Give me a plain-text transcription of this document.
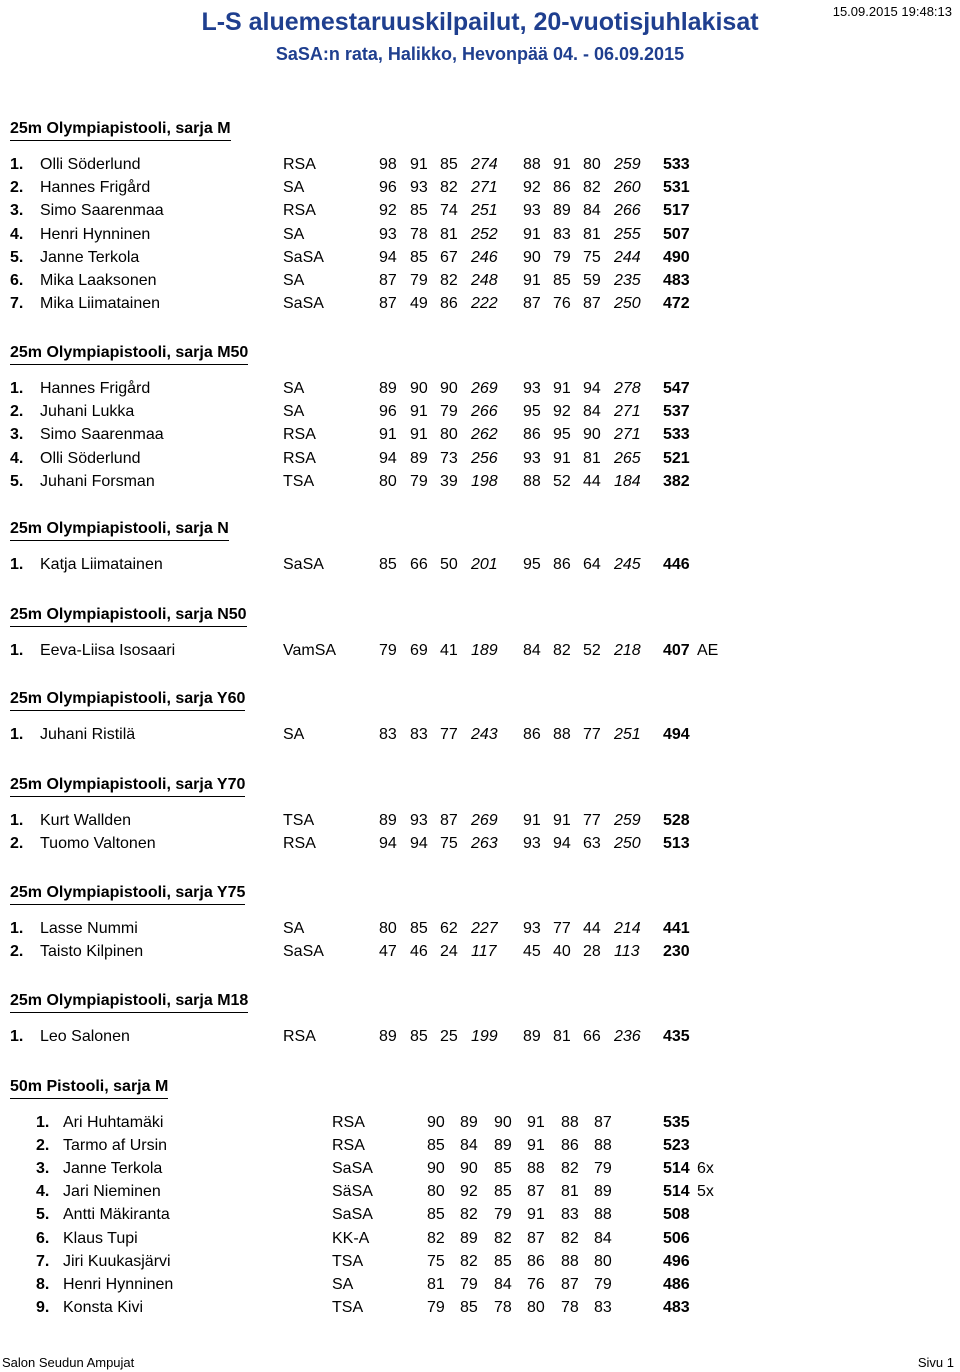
L-S aluemestaruuskilpailut, 20-vuotisjuhlakisat
SaSA:n rata, Halikko, Hevonpää 04. - 06.09.2015
15.09.2015 19:48:13
25m Olympiapistooli, sarja M
1. Olli Söderlund	RSA	98 91 85 274 88 91 80 259 533
2. Hannes Frigård	SA	96 93 82 271 92 86 82 260 531
3. Simo Saarenmaa	RSA	92 85 74 251 93 89 84 266 517
4. Henri Hynninen	SA	93 78 81 252 91 83 81 255 507
5. Janne Terkola	SaSA	94 85 67 246 90 79 75 244 490
6. Mika Laaksonen	SA	87 79 82 248 91 85 59 235 483
7. Mika Liimatainen	SaSA	87 49 86 222 87 76 87 250 472
25m Olympiapistooli, sarja M50
1. Hannes Frigård	SA	89 90 90 269 93 91 94 278 547
2. Juhani Lukka	SA	96 91 79 266 95 92 84 271 537
3. Simo Saarenmaa	RSA	91 91 80 262 86 95 90 271 533
4. Olli Söderlund	RSA	94 89 73 256 93 91 81 265 521
5. Juhani Forsman	TSA	80 79 39 198 88 52 44 184 382
25m Olympiapistooli, sarja N
1. Katja Liimatainen	SaSA	85 66 50 201 95 86 64 245 446
25m Olympiapistooli, sarja N50
1. Eeva-Liisa Isosaari	VamSA	79 69 41 189 84 82 52 218 407 AE
25m Olympiapistooli, sarja Y60
1. Juhani Ristilä	SA	83 83 77 243 86 88 77 251 494
25m Olympiapistooli, sarja Y70
1. Kurt Wallden	TSA	89 93 87 269 91 91 77 259 528
2. Tuomo Valtonen	RSA	94 94 75 263 93 94 63 250 513
25m Olympiapistooli, sarja Y75
1. Lasse Nummi	SA	80 85 62 227 93 77 44 214 441
2. Taisto Kilpinen	SaSA	47 46 24 117 45 40 28 113 230
25m Olympiapistooli, sarja M18
1. Leo Salonen	RSA	89 85 25 199 89 81 66 236 435
50m Pistooli, sarja M
1. Ari Huhtamäki	RSA	90 89 90 91 88 87	535
2. Tarmo af Ursin	RSA	85 84 89 91 86 88	523
3. Janne Terkola	SaSA	90 90 85 88 82 79	514 6x
4. Jari Nieminen	SäSA	80 92 85 87 81 89	514 5x
5. Antti Mäkiranta	SaSA	85 82 79 91 83 88	508
6. Klaus Tupi	KK-A	82 89 82 87 82 84	506
7. Jiri Kuukasjärvi	TSA	75 82 85 86 88 80	496
8. Henri Hynninen	SA	81 79 84 76 87 79	486
9. Konsta Kivi	TSA	79 85 78 80 78 83	483
Salon Seudun Ampujat	Sivu 1
